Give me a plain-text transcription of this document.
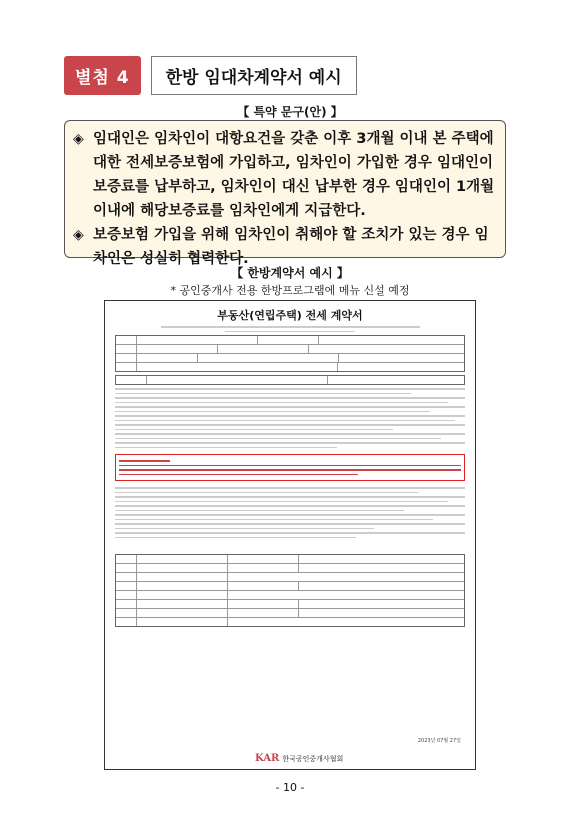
별첨 4	한방 임대차계약서 예시
【 특약 문구(안) 】
◈ 임대인은 임차인이 대항요건을 갖춘 이후 3개월 이내 본 주택에 대한 전세보증보험에 가입하고, 임차인이 가입한 경우 임대인이 보증료를 납부하고, 임차인이 대신 납부한 경우 임대인이 1개월 이내에 해당보증료를 임차인에게 지급한다.
◈ 보증보험 가입을 위해 임차인이 취해야 할 조치가 있는 경우 임차인은 성실히 협력한다.
【 한방계약서 예시 】
* 공인중개사 전용 한방프로그램에 메뉴 신설 예정
부동산(연립주택) 전세 계약서
2023년 07월 27일
KAR 한국공인중개사협회
- 10 -
